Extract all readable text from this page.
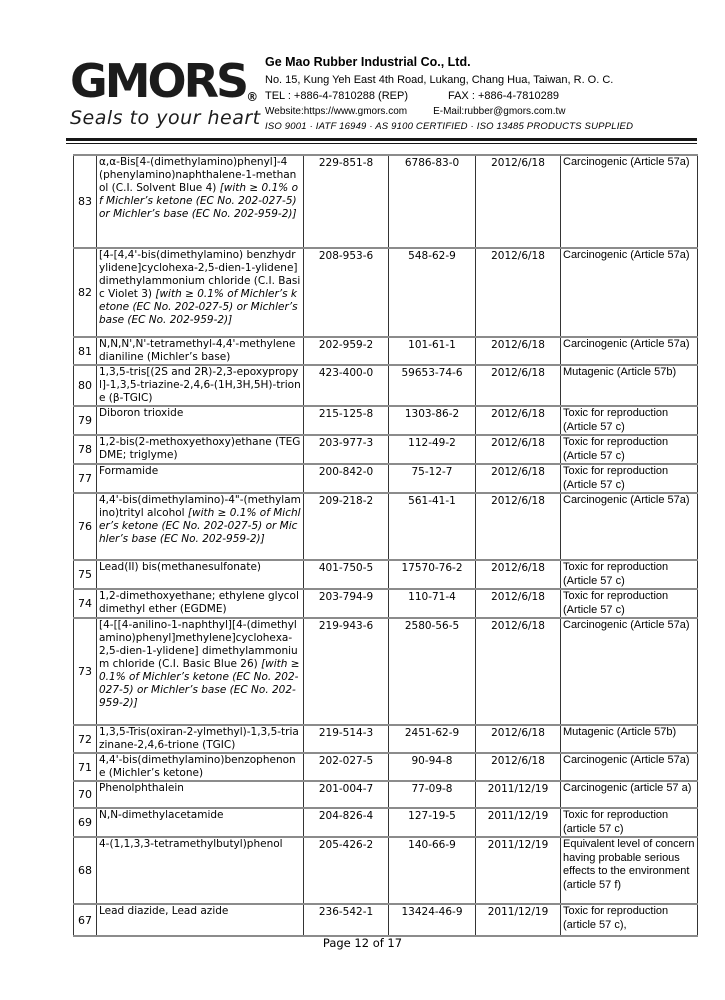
GMORS®
Seals to your heart
Ge Mao Rubber Industrial Co., Ltd.
No. 15, Kung Yeh East 4th Road, Lukang, Chang Hua, Taiwan, R. O. C.
TEL : +886-4-7810288 (REP)	FAX : +886-4-7810289
Website:https://www.gmors.com	E-Mail:rubber@gmors.com.tw
ISO 9001 · IATF 16949 · AS 9100 CERTIFIED · ISO 13485 PRODUCTS SUPPLIED
83	α,α-Bis[4-(dimethylamino)phenyl]-4 (phenylamino)naphthalene-1-methanol (C.I. Solvent Blue 4) [with ≥ 0.1% of Michler’s ketone (EC No. 202-027-5) or Michler’s base (EC No. 202-959-2)]	229-851-8	6786-83-0	2012/6/18	Carcinogenic (Article 57a)
82	[4-[4,4'-bis(dimethylamino) benzhydrylidene]cyclohexa-2,5-dien-1-ylidene]dimethylammonium chloride (C.I. Basic Violet 3) [with ≥ 0.1% of Michler’s ketone (EC No. 202-027-5) or Michler’s base (EC No. 202-959-2)]	208-953-6	548-62-9	2012/6/18	Carcinogenic (Article 57a)
81	N,N,N',N'-tetramethyl-4,4'-methylenedianiline (Michler’s base)	202-959-2	101-61-1	2012/6/18	Carcinogenic (Article 57a)
80	1,3,5-tris[(2S and 2R)-2,3-epoxypropyl]-1,3,5-triazine-2,4,6-(1H,3H,5H)-trione (β-TGIC)	423-400-0	59653-74-6	2012/6/18	Mutagenic (Article 57b)
79	Diboron trioxide	215-125-8	1303-86-2	2012/6/18	Toxic for reproduction (Article 57 c)
78	1,2-bis(2-methoxyethoxy)ethane (TEGDME; triglyme)	203-977-3	112-49-2	2012/6/18	Toxic for reproduction (Article 57 c)
77	Formamide	200-842-0	75-12-7	2012/6/18	Toxic for reproduction (Article 57 c)
76	4,4'-bis(dimethylamino)-4"-(methylamino)trityl alcohol [with ≥ 0.1% of Michler’s ketone (EC No. 202-027-5) or Michler’s base (EC No. 202-959-2)]	209-218-2	561-41-1	2012/6/18	Carcinogenic (Article 57a)
75	Lead(II) bis(methanesulfonate)	401-750-5	17570-76-2	2012/6/18	Toxic for reproduction (Article 57 c)
74	1,2-dimethoxyethane; ethylene glycol dimethyl ether (EGDME)	203-794-9	110-71-4	2012/6/18	Toxic for reproduction (Article 57 c)
73	[4-[[4-anilino-1-naphthyl][4-(dimethylamino)phenyl]methylene]cyclohexa-2,5-dien-1-ylidene] dimethylammonium chloride (C.I. Basic Blue 26) [with ≥ 0.1% of Michler’s ketone (EC No. 202-027-5) or Michler’s base (EC No. 202-959-2)]	219-943-6	2580-56-5	2012/6/18	Carcinogenic (Article 57a)
72	1,3,5-Tris(oxiran-2-ylmethyl)-1,3,5-triazinane-2,4,6-trione (TGIC)	219-514-3	2451-62-9	2012/6/18	Mutagenic (Article 57b)
71	4,4'-bis(dimethylamino)benzophenone (Michler’s ketone)	202-027-5	90-94-8	2012/6/18	Carcinogenic (Article 57a)
70	Phenolphthalein	201-004-7	77-09-8	2011/12/19	Carcinogenic (article 57 a)
69	N,N-dimethylacetamide	204-826-4	127-19-5	2011/12/19	Toxic for reproduction (article 57 c)
68	4-(1,1,3,3-tetramethylbutyl)phenol	205-426-2	140-66-9	2011/12/19	Equivalent level of concern having probable serious effects to the environment (article 57 f)
67	Lead diazide, Lead azide	236-542-1	13424-46-9	2011/12/19	Toxic for reproduction (article 57 c),
Page 12 of 17
